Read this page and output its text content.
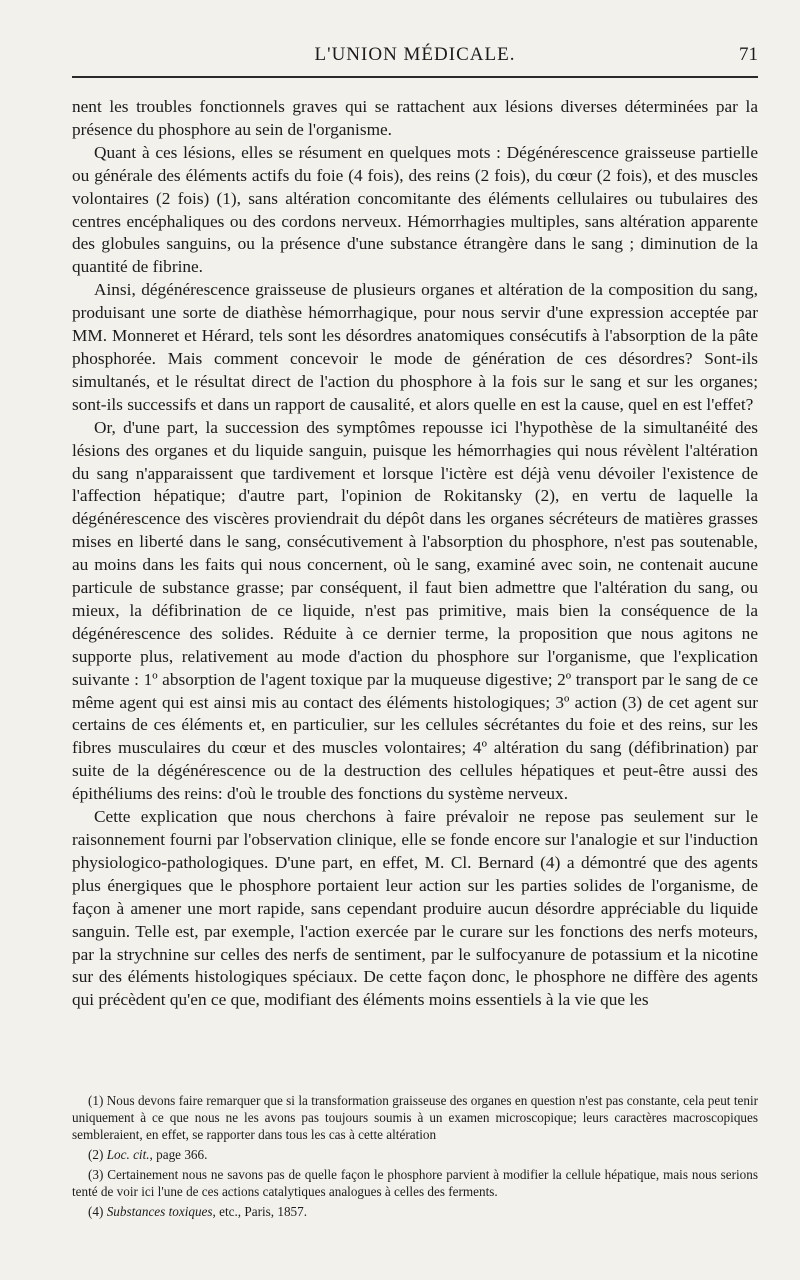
L'UNION MÉDICALE.	71

nent les troubles fonctionnels graves qui se rattachent aux lésions diverses déterminées par la présence du phosphore au sein de l'organisme.

Quant à ces lésions, elles se résument en quelques mots : Dégénérescence graisseuse partielle ou générale des éléments actifs du foie (4 fois), des reins (2 fois), du cœur (2 fois), et des muscles volontaires (2 fois) (1), sans altération concomitante des éléments cellulaires ou tubulaires des centres encéphaliques ou des cordons nerveux. Hémorrhagies multiples, sans altération apparente des globules sanguins, ou la présence d'une substance étrangère dans le sang ; diminution de la quantité de fibrine.

Ainsi, dégénérescence graisseuse de plusieurs organes et altération de la composition du sang, produisant une sorte de diathèse hémorrhagique, pour nous servir d'une expression acceptée par MM. Monneret et Hérard, tels sont les désordres anatomiques consécutifs à l'absorption de la pâte phosphorée. Mais comment concevoir le mode de génération de ces désordres? Sont-ils simultanés, et le résultat direct de l'action du phosphore à la fois sur le sang et sur les organes; sont-ils successifs et dans un rapport de causalité, et alors quelle en est la cause, quel en est l'effet?

Or, d'une part, la succession des symptômes repousse ici l'hypothèse de la simultanéité des lésions des organes et du liquide sanguin, puisque les hémorrhagies qui nous révèlent l'altération du sang n'apparaissent que tardivement et lorsque l'ictère est déjà venu dévoiler l'existence de l'affection hépatique; d'autre part, l'opinion de Rokitansky (2), en vertu de laquelle la dégénérescence des viscères proviendrait du dépôt dans les organes sécréteurs de matières grasses mises en liberté dans le sang, consécutivement à l'absorption du phosphore, n'est pas soutenable, au moins dans les faits qui nous concernent, où le sang, examiné avec soin, ne contenait aucune particule de substance grasse; par conséquent, il faut bien admettre que l'altération du sang, ou mieux, la défibrination de ce liquide, n'est pas primitive, mais bien la conséquence de la dégénérescence des solides. Réduite à ce dernier terme, la proposition que nous agitons ne supporte plus, relativement au mode d'action du phosphore sur l'organisme, que l'explication suivante : 1º absorption de l'agent toxique par la muqueuse digestive; 2º transport par le sang de ce même agent qui est ainsi mis au contact des éléments histologiques; 3º action (3) de cet agent sur certains de ces éléments et, en particulier, sur les cellules sécrétantes du foie et des reins, sur les fibres musculaires du cœur et des muscles volontaires; 4º altération du sang (défibrination) par suite de la dégénérescence ou de la destruction des cellules hépatiques et peut-être aussi des épithéliums des reins: d'où le trouble des fonctions du système nerveux.

Cette explication que nous cherchons à faire prévaloir ne repose pas seulement sur le raisonnement fourni par l'observation clinique, elle se fonde encore sur l'analogie et sur l'induction physiologico-pathologiques. D'une part, en effet, M. Cl. Bernard (4) a démontré que des agents plus énergiques que le phosphore portaient leur action sur les parties solides de l'organisme, de façon à amener une mort rapide, sans cependant produire aucun désordre appréciable du liquide sanguin. Telle est, par exemple, l'action exercée par le curare sur les fonctions des nerfs moteurs, par la strychnine sur celles des nerfs de sentiment, par le sulfocyanure de potassium et la nicotine sur des éléments histologiques spéciaux. De cette façon donc, le phosphore ne diffère des agents qui précèdent qu'en ce que, modifiant des éléments moins essentiels à la vie que les

(1) Nous devons faire remarquer que si la transformation graisseuse des organes en question n'est pas constante, cela peut tenir uniquement à ce que nous ne les avons pas toujours soumis à un examen microscopique; leurs caractères macroscopiques sembleraient, en effet, se rapporter dans tous les cas à cette altération

(2) Loc. cit., page 366.

(3) Certainement nous ne savons pas de quelle façon le phosphore parvient à modifier la cellule hépatique, mais nous serions tenté de voir ici l'une de ces actions catalytiques analogues à celles des ferments.

(4) Substances toxiques, etc., Paris, 1857.
